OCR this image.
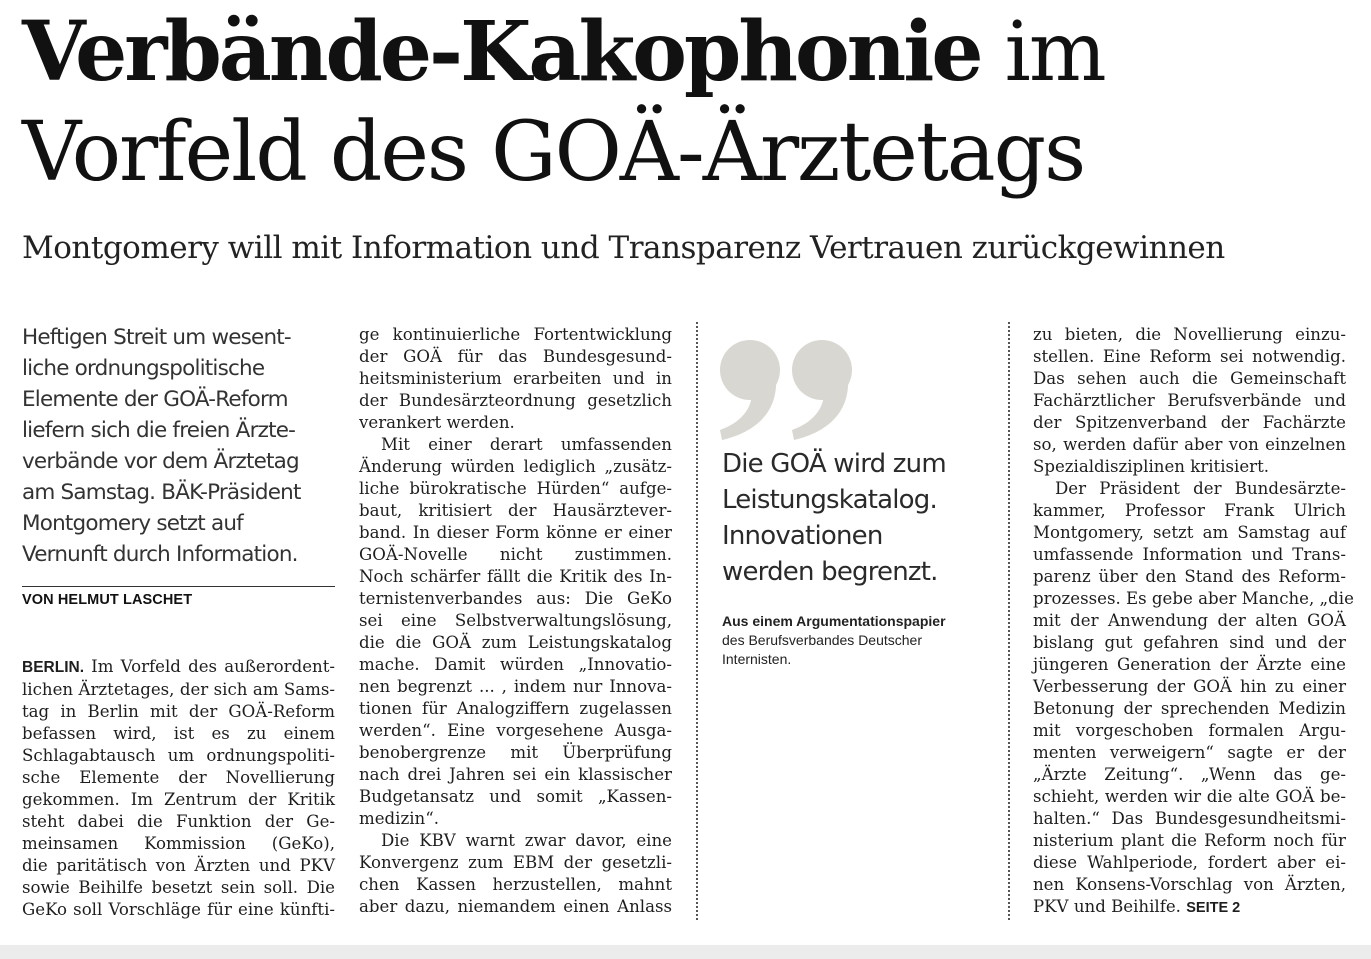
Verbände-Kakophonie im
Vorfeld des GOÄ-Ärztetags
Montgomery will mit Information und Transparenz Vertrauen zurückgewinnen
Heftigen Streit um wesent-
liche ordnungspolitische
Elemente der GOÄ-Reform
liefern sich die freien Ärzte-
verbände vor dem Ärztetag
am Samstag. BÄK-Präsident
Montgomery setzt auf
Vernunft durch Information.
VON HELMUT LASCHET
BERLIN. Im Vorfeld des außerordent-
lichen Ärztetages, der sich am Sams-
tag in Berlin mit der GOÄ-Reform
befassen wird, ist es zu einem
Schlagabtausch um ordnungspoliti-
sche Elemente der Novellierung
gekommen. Im Zentrum der Kritik
steht dabei die Funktion der Ge-
meinsamen Kommission (GeKo),
die paritätisch von Ärzten und PKV
sowie Beihilfe besetzt sein soll. Die
GeKo soll Vorschläge für eine künfti-
ge kontinuierliche Fortentwicklung
der GOÄ für das Bundesgesund-
heitsministerium erarbeiten und in
der Bundesärzteordnung gesetzlich
verankert werden.
Mit einer derart umfassenden
Änderung würden lediglich „zusätz-
liche bürokratische Hürden“ aufge-
baut, kritisiert der Hausärztever-
band. In dieser Form könne er einer
GOÄ-Novelle nicht zustimmen.
Noch schärfer fällt die Kritik des In-
ternistenverbandes aus: Die GeKo
sei eine Selbstverwaltungslösung,
die die GOÄ zum Leistungskatalog
mache. Damit würden „Innovatio-
nen begrenzt ... , indem nur Innova-
tionen für Analogziffern zugelassen
werden“. Eine vorgesehene Ausga-
benobergrenze mit Überprüfung
nach drei Jahren sei ein klassischer
Budgetansatz und somit „Kassen-
medizin“.
Die KBV warnt zwar davor, eine
Konvergenz zum EBM der gesetzli-
chen Kassen herzustellen, mahnt
aber dazu, niemandem einen Anlass
Die GOÄ wird zum
Leistungskatalog.
Innovationen
werden begrenzt.
Aus einem Argumentationspapier
des Berufsverbandes Deutscher
Internisten.
zu bieten, die Novellierung einzu-
stellen. Eine Reform sei notwendig.
Das sehen auch die Gemeinschaft
Fachärztlicher Berufsverbände und
der Spitzenverband der Fachärzte
so, werden dafür aber von einzelnen
Spezialdisziplinen kritisiert.
Der Präsident der Bundesärzte-
kammer, Professor Frank Ulrich
Montgomery, setzt am Samstag auf
umfassende Information und Trans-
parenz über den Stand des Reform-
prozesses. Es gebe aber Manche, „die
mit der Anwendung der alten GOÄ
bislang gut gefahren sind und der
jüngeren Generation der Ärzte eine
Verbesserung der GOÄ hin zu einer
Betonung der sprechenden Medizin
mit vorgeschoben formalen Argu-
menten verweigern“ sagte er der
„Ärzte Zeitung“. „Wenn das ge-
schieht, werden wir die alte GOÄ be-
halten.“ Das Bundesgesundheitsmi-
nisterium plant die Reform noch für
diese Wahlperiode, fordert aber ei-
nen Konsens-Vorschlag von Ärzten,
PKV und Beihilfe. SEITE 2
